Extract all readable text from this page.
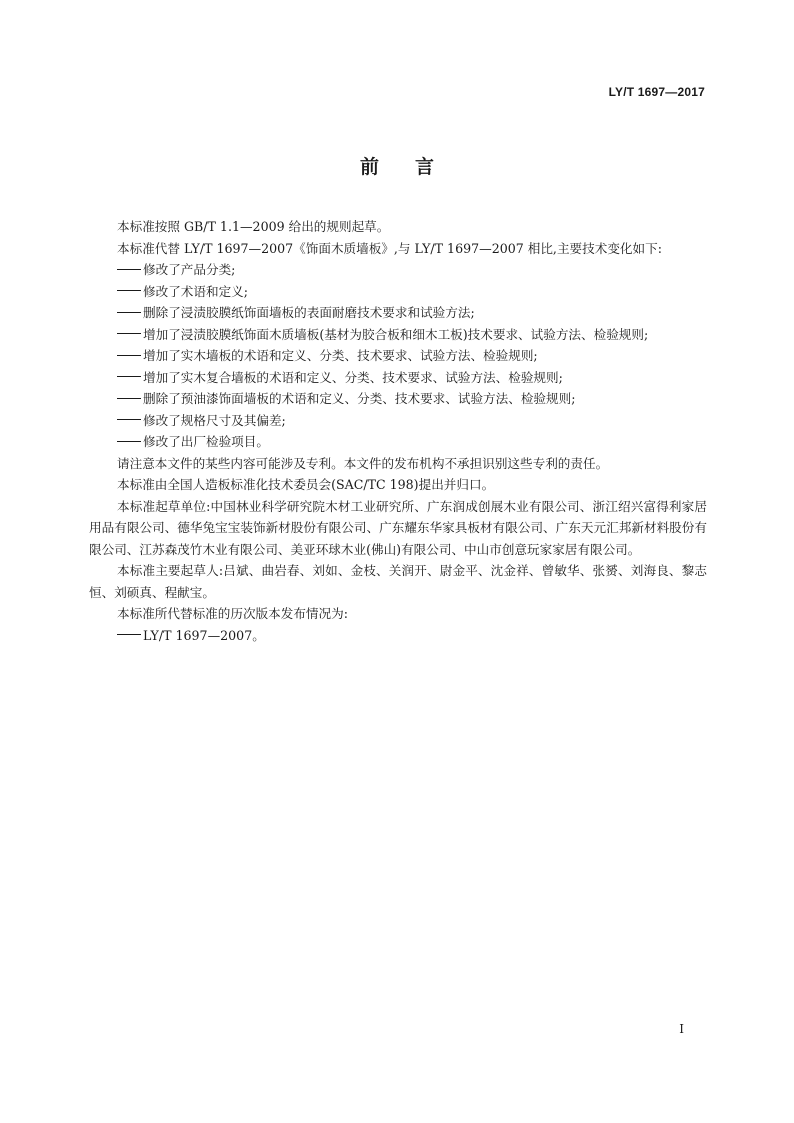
LY/T 1697—2017
前言

本标准按照 GB/T 1.1—2009 给出的规则起草。

本标准代替 LY/T 1697—2007《饰面木质墙板》,与 LY/T 1697—2007 相比,主要技术变化如下:

修改了产品分类;

修改了术语和定义;

删除了浸渍胶膜纸饰面墙板的表面耐磨技术要求和试验方法;

增加了浸渍胶膜纸饰面木质墙板(基材为胶合板和细木工板)技术要求、试验方法、检验规则;

增加了实木墙板的术语和定义、分类、技术要求、试验方法、检验规则;

增加了实木复合墙板的术语和定义、分类、技术要求、试验方法、检验规则;

删除了预油漆饰面墙板的术语和定义、分类、技术要求、试验方法、检验规则;

修改了规格尺寸及其偏差;

修改了出厂检验项目。

请注意本文件的某些内容可能涉及专利。本文件的发布机构不承担识别这些专利的责任。

本标准由全国人造板标准化技术委员会(SAC/TC 198)提出并归口。

本标准起草单位:中国林业科学研究院木材工业研究所、广东润成创展木业有限公司、浙江绍兴富得利家居用品有限公司、德华兔宝宝装饰新材股份有限公司、广东耀东华家具板材有限公司、广东天元汇邦新材料股份有限公司、江苏森茂竹木业有限公司、美亚环球木业(佛山)有限公司、中山市创意玩家家居有限公司。

本标准主要起草人:吕斌、曲岩春、刘如、金枝、关润开、尉金平、沈金祥、曾敏华、张赟、刘海良、黎志恒、刘硕真、程献宝。

本标准所代替标准的历次版本发布情况为:

LY/T 1697—2007。

I
